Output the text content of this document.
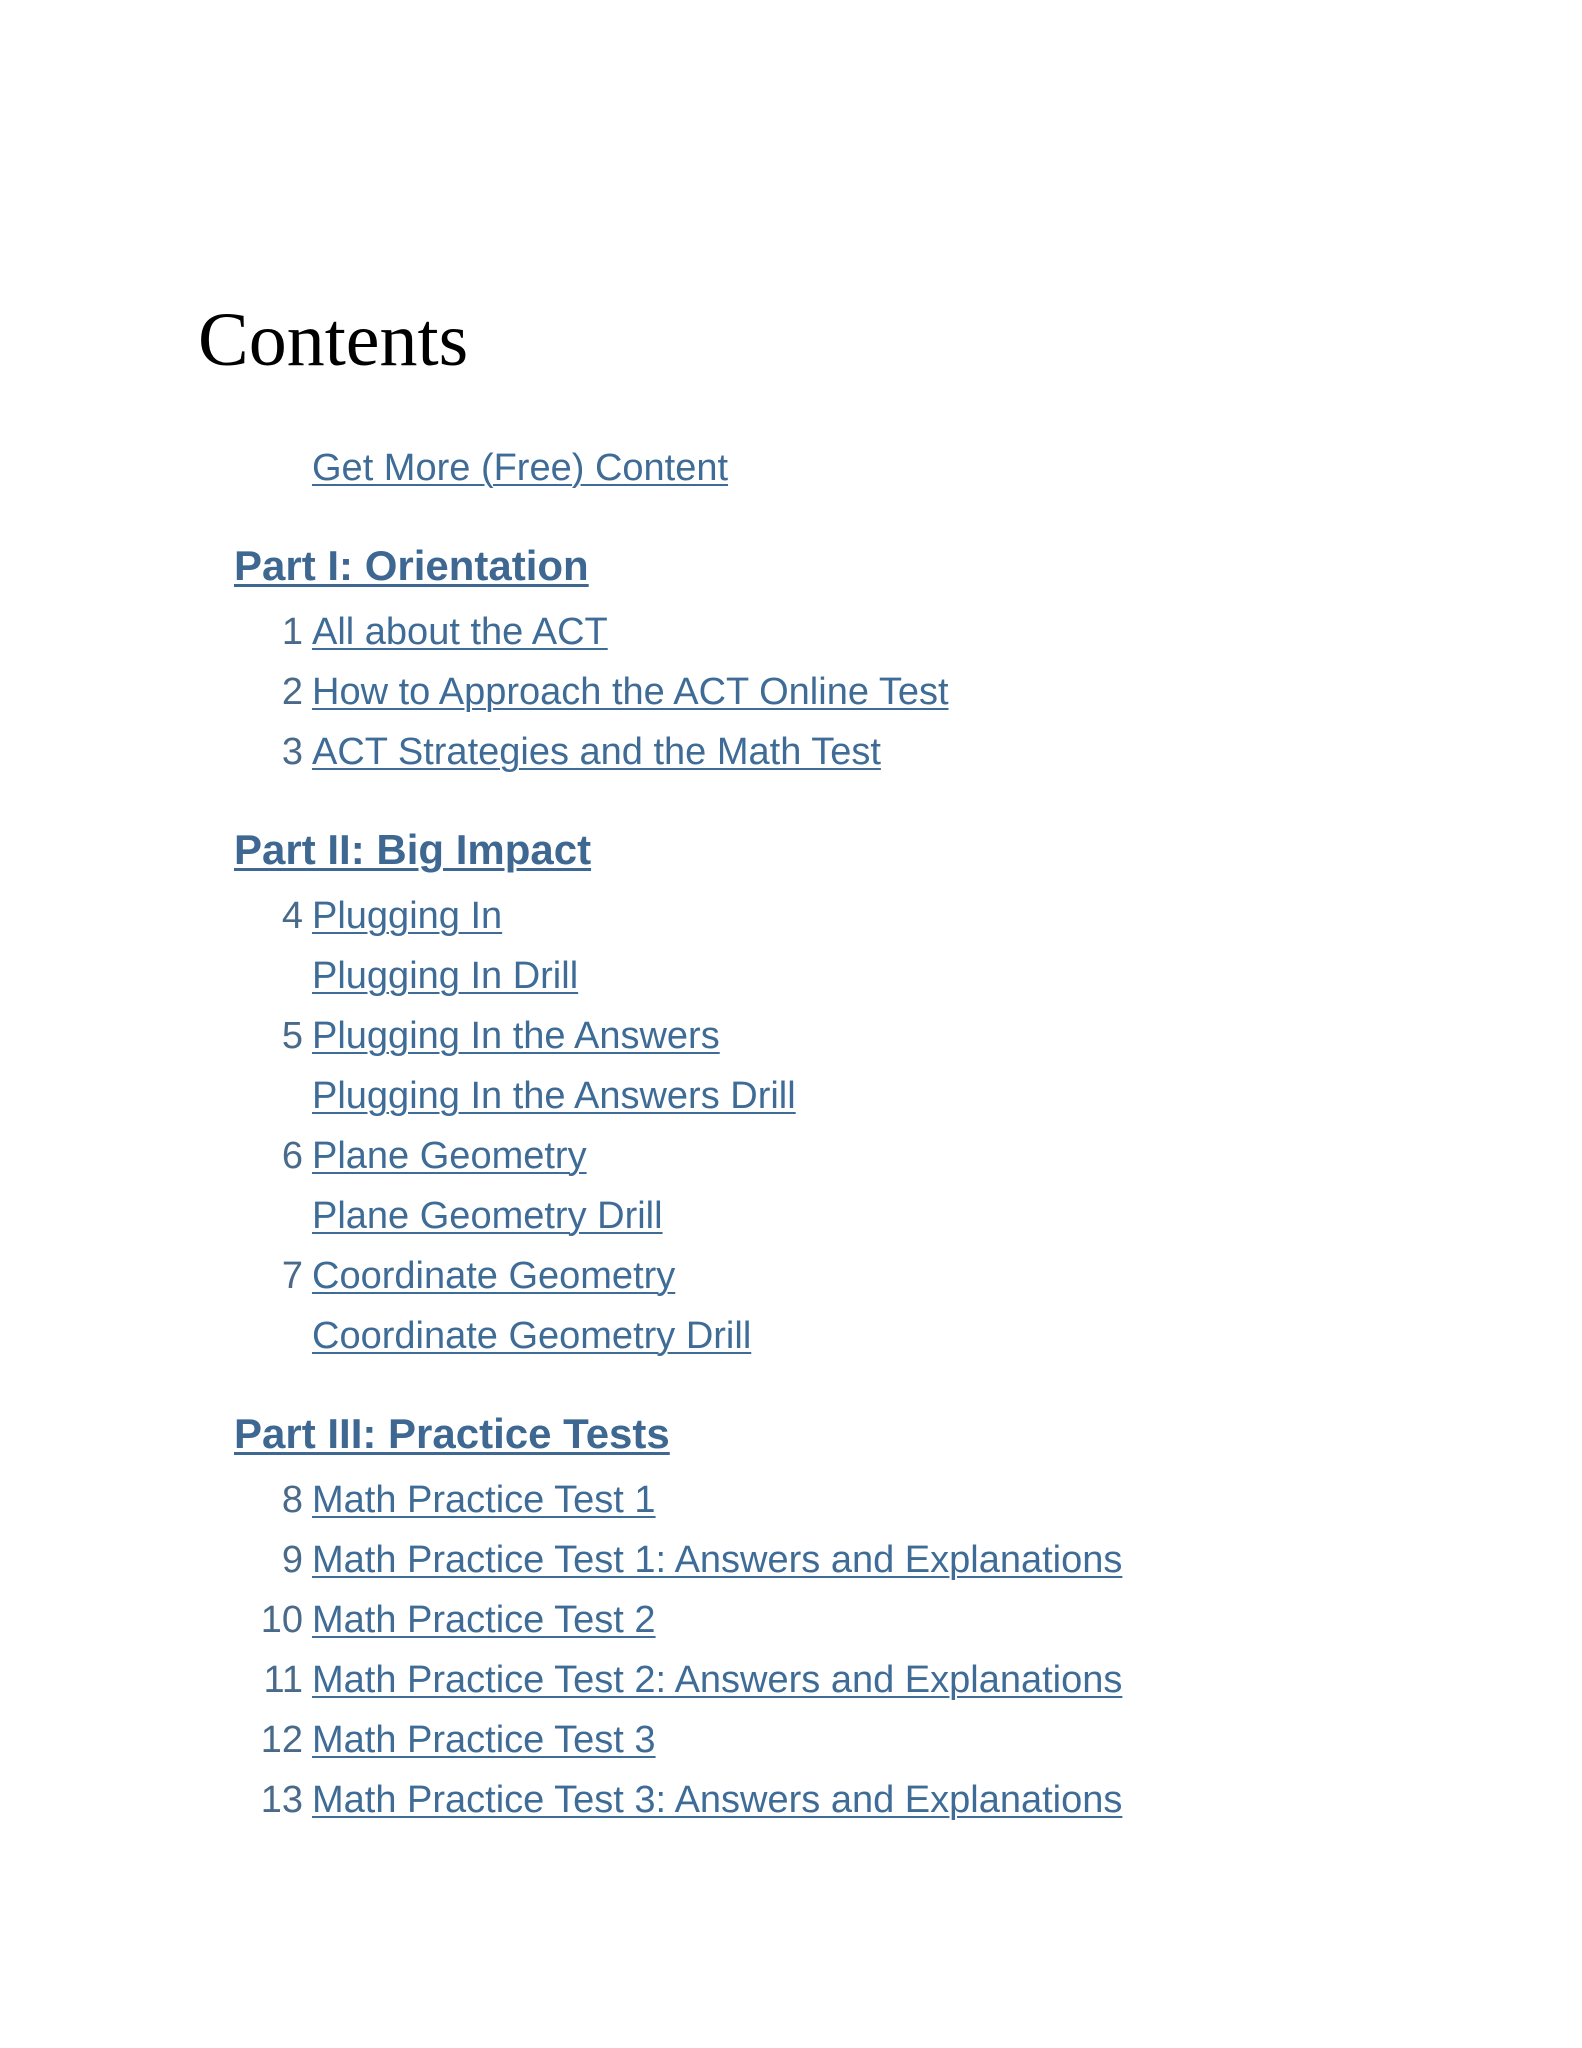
Contents
Get More (Free) Content
Part I: Orientation
1 All about the ACT
2 How to Approach the ACT Online Test
3 ACT Strategies and the Math Test
Part II: Big Impact
4 Plugging In
Plugging In Drill
5 Plugging In the Answers
Plugging In the Answers Drill
6 Plane Geometry
Plane Geometry Drill
7 Coordinate Geometry
Coordinate Geometry Drill
Part III: Practice Tests
8 Math Practice Test 1
9 Math Practice Test 1: Answers and Explanations
10 Math Practice Test 2
11 Math Practice Test 2: Answers and Explanations
12 Math Practice Test 3
13 Math Practice Test 3: Answers and Explanations
